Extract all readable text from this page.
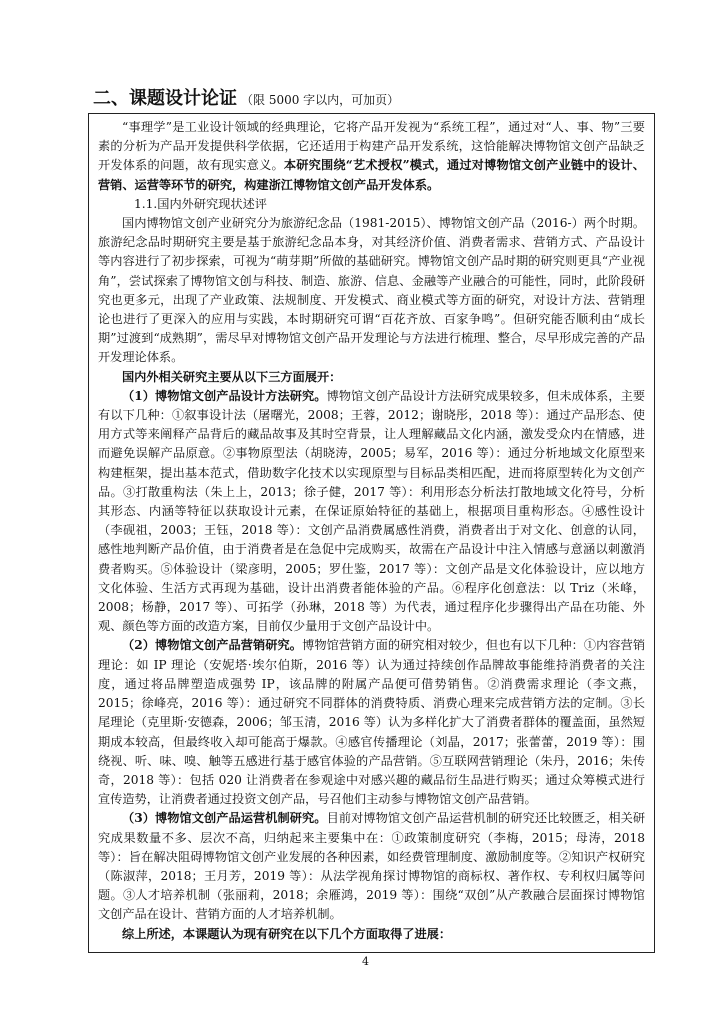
二、课题设计论证 （限 5000 字以内，可加页）

“事理学”是工业设计领域的经典理论，它将产品开发视为“系统工程”，通过对“人、事、物”三要素的分析为产品开发提供科学依据，它还适用于构建产品开发系统，这恰能解决博物馆文创产品缺乏开发体系的问题，故有现实意义。本研究围绕“艺术授权”模式，通过对博物馆文创产业链中的设计、营销、运营等环节的研究，构建浙江博物馆文创产品开发体系。

1.1.国内外研究现状述评

国内博物馆文创产业研究分为旅游纪念品（1981-2015）、博物馆文创产品（2016-）两个时期。旅游纪念品时期研究主要是基于旅游纪念品本身，对其经济价值、消费者需求、营销方式、产品设计等内容进行了初步探索，可视为“萌芽期”所做的基础研究。博物馆文创产品时期的研究则更具“产业视角”，尝试探索了博物馆文创与科技、制造、旅游、信息、金融等产业融合的可能性，同时，此阶段研究也更多元，出现了产业政策、法规制度、开发模式、商业模式等方面的研究，对设计方法、营销理论也进行了更深入的应用与实践，本时期研究可谓“百花齐放、百家争鸣”。但研究能否顺利由“成长期”过渡到“成熟期”，需尽早对博物馆文创产品开发理论与方法进行梳理、整合，尽早形成完善的产品开发理论体系。

国内外相关研究主要从以下三方面展开：

（1）博物馆文创产品设计方法研究。博物馆文创产品设计方法研究成果较多，但未成体系，主要有以下几种：①叙事设计法（屠曙光，2008；王蓉，2012；谢晓彤，2018 等）：通过产品形态、使用方式等来阐释产品背后的藏品故事及其时空背景，让人理解藏品文化内涵，激发受众内在情感，进而避免误解产品原意。②事物原型法（胡晓涛，2005；易军，2016 等）：通过分析地域文化原型来构建框架，提出基本范式，借助数字化技术以实现原型与目标品类相匹配，进而将原型转化为文创产品。③打散重构法（朱上上，2013；徐子健，2017 等）：利用形态分析法打散地域文化符号，分析其形态、内涵等特征以获取设计元素，在保证原始特征的基础上，根据项目重构形态。④感性设计（李砚祖，2003；王钰，2018 等）：文创产品消费属感性消费，消费者出于对文化、创意的认同，感性地判断产品价值，由于消费者是在急促中完成购买，故需在产品设计中注入情感与意涵以刺激消费者购买。⑤体验设计（梁彦明，2005；罗仕鉴，2017 等）：文创产品是文化体验设计，应以地方文化体验、生活方式再现为基础，设计出消费者能体验的产品。⑥程序化创意法：以 Triz（米峰，2008；杨静，2017 等）、可拓学（孙琳，2018 等）为代表，通过程序化步骤得出产品在功能、外观、颜色等方面的改造方案，目前仅少量用于文创产品设计中。

（2）博物馆文创产品营销研究。博物馆营销方面的研究相对较少，但也有以下几种：①内容营销理论：如 IP 理论（安妮塔·埃尔伯斯，2016 等）认为通过持续创作品牌故事能维持消费者的关注度，通过将品牌塑造成强势 IP，该品牌的附属产品便可借势销售。②消费需求理论（李文燕，2015；徐峰亮，2016 等）：通过研究不同群体的消费特质、消费心理来完成营销方法的定制。③长尾理论（克里斯·安德森，2006；邹玉清，2016 等）认为多样化扩大了消费者群体的覆盖面，虽然短期成本较高，但最终收入却可能高于爆款。④感官传播理论（刘晶，2017；张蕾蕾，2019 等）：围绕视、听、味、嗅、触等五感进行基于感官体验的产品营销。⑤互联网营销理论（朱丹，2016；朱传奇，2018 等）：包括 020 让消费者在参观途中对感兴趣的藏品衍生品进行购买；通过众筹模式进行宣传造势，让消费者通过投资文创产品，号召他们主动参与博物馆文创产品营销。

（3）博物馆文创产品运营机制研究。目前对博物馆文创产品运营机制的研究还比较匮乏，相关研究成果数量不多、层次不高，归纳起来主要集中在：①政策制度研究（李梅，2015；母涛，2018 等）：旨在解决阻碍博物馆文创产业发展的各种因素，如经费管理制度、激励制度等。②知识产权研究（陈淑萍，2018；王月芳，2019 等）：从法学视角探讨博物馆的商标权、著作权、专利权归属等问题。③人才培养机制（张丽莉，2018；余雁鸿，2019 等）：围绕“双创”从产教融合层面探讨博物馆文创产品在设计、营销方面的人才培养机制。

综上所述，本课题认为现有研究在以下几个方面取得了进展：

4
